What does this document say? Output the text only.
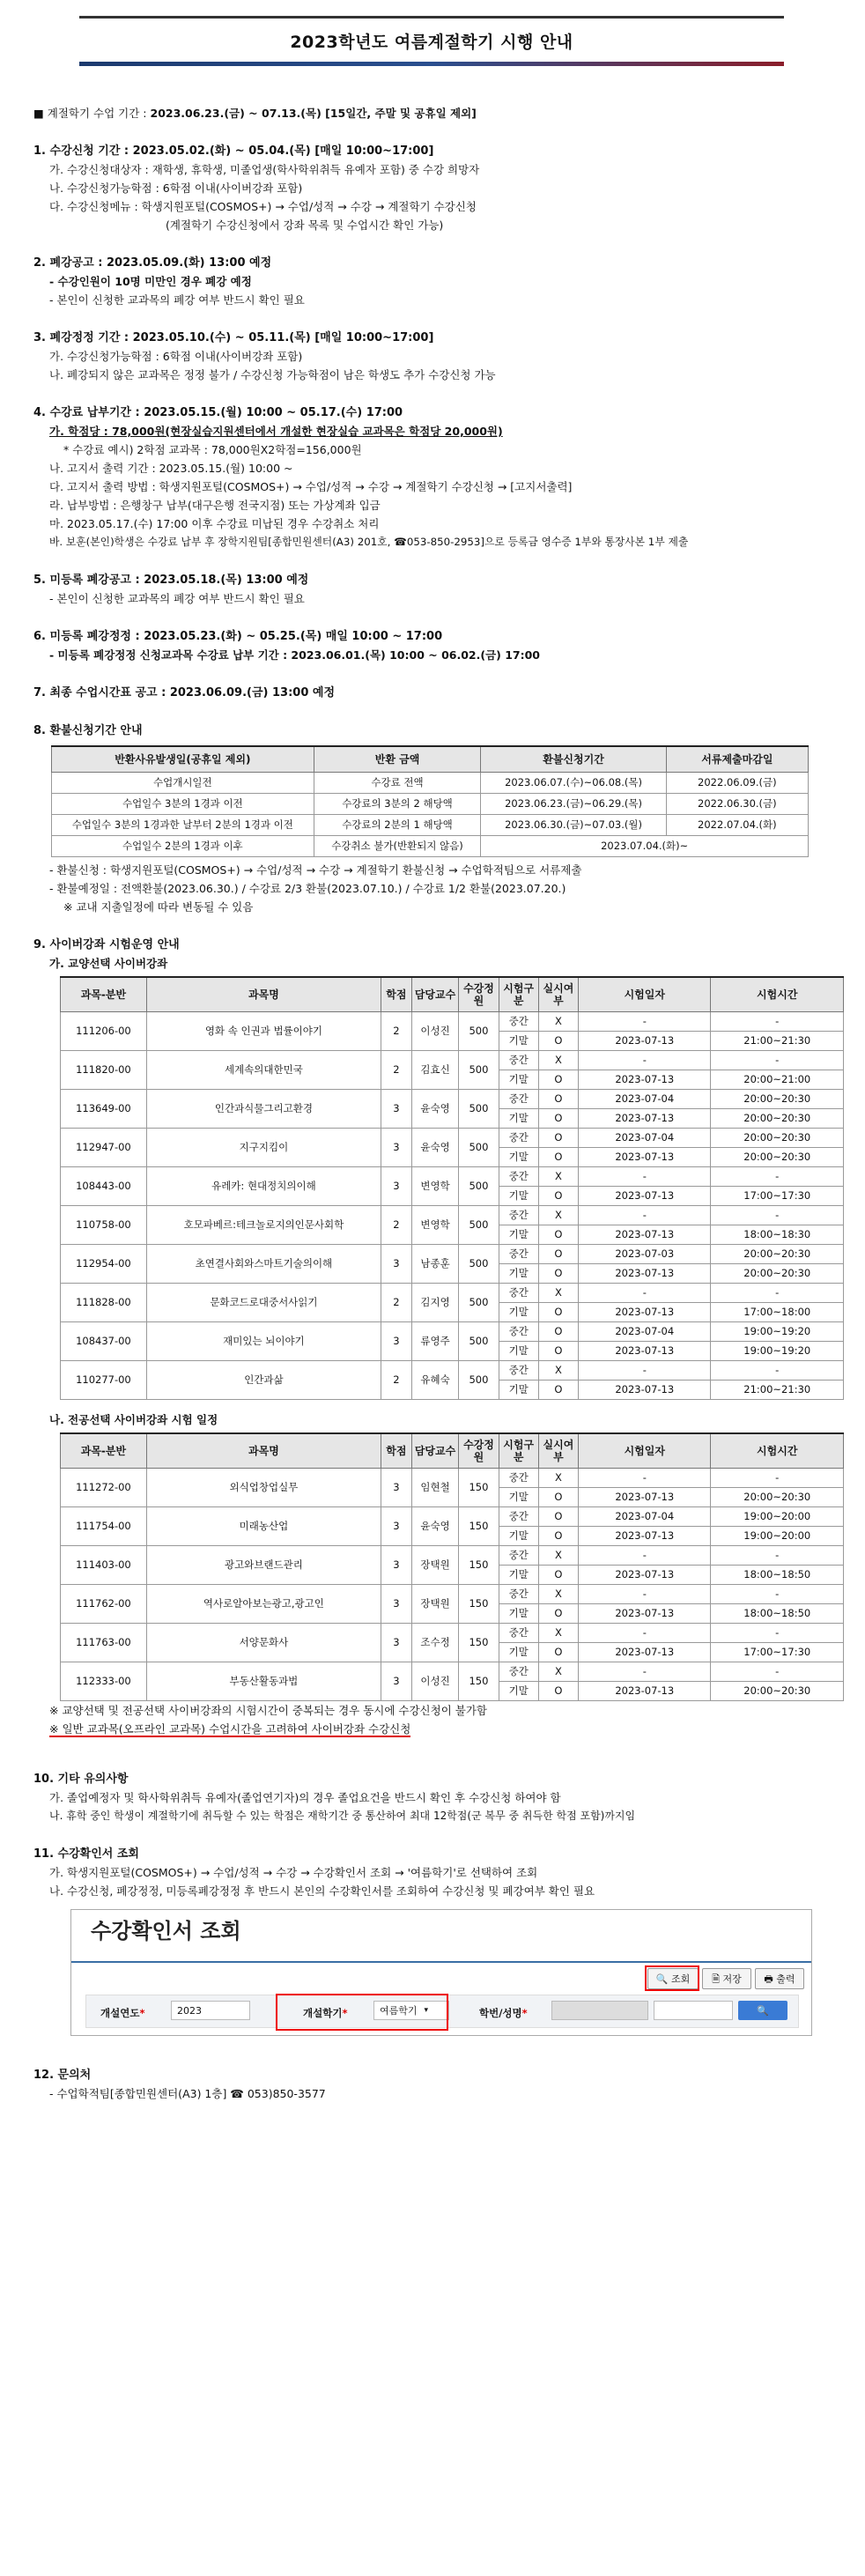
2023학년도 여름계절학기 시행 안내
■ 계절학기 수업 기간 : 2023.06.23.(금) ~ 07.13.(목) [15일간, 주말 및 공휴일 제외]
1. 수강신청 기간 : 2023.05.02.(화) ~ 05.04.(목) [매일 10:00~17:00]
가. 수강신청대상자 : 재학생, 휴학생, 미졸업생(학사학위취득 유예자 포함) 중 수강 희망자
나. 수강신청가능학점 : 6학점 이내(사이버강좌 포함)
다. 수강신청메뉴 : 학생지원포털(COSMOS+) → 수업/성적 → 수강 → 계절학기 수강신청
(계절학기 수강신청에서 강좌 목록 및 수업시간 확인 가능)
2. 폐강공고 : 2023.05.09.(화) 13:00 예정
- 수강인원이 10명 미만인 경우 폐강 예정
- 본인이 신청한 교과목의 폐강 여부 반드시 확인 필요
3. 폐강정정 기간 : 2023.05.10.(수) ~ 05.11.(목) [매일 10:00~17:00]
가. 수강신청가능학점 : 6학점 이내(사이버강좌 포함)
나. 폐강되지 않은 교과목은 정정 불가 / 수강신청 가능학점이 남은 학생도 추가 수강신청 가능
4. 수강료 납부기간 : 2023.05.15.(월) 10:00 ~ 05.17.(수) 17:00
가. 학점당 : 78,000원(현장실습지원센터에서 개설한 현장실습 교과목은 학점당 20,000원)
* 수강료 예시) 2학점 교과목 : 78,000원X2학점=156,000원
나. 고지서 출력 기간 : 2023.05.15.(월) 10:00 ~
다. 고지서 출력 방법 : 학생지원포털(COSMOS+) → 수업/성적 → 수강 → 계절학기 수강신청 → [고지서출력]
라. 납부방법 : 은행창구 납부(대구은행 전국지점) 또는 가상계좌 입금
마. 2023.05.17.(수) 17:00 이후 수강료 미납된 경우 수강취소 처리
바. 보훈(본인)학생은 수강료 납부 후 장학지원팀[종합민원센터(A3) 201호, ☎053-850-2953]으로 등록금 영수증 1부와 통장사본 1부 제출
5. 미등록 폐강공고 : 2023.05.18.(목) 13:00 예정
- 본인이 신청한 교과목의 폐강 여부 반드시 확인 필요
6. 미등록 폐강정정 : 2023.05.23.(화) ~ 05.25.(목) 매일 10:00 ~ 17:00
- 미등록 폐강정정 신청교과목 수강료 납부 기간 : 2023.06.01.(목) 10:00 ~ 06.02.(금) 17:00
7. 최종 수업시간표 공고 : 2023.06.09.(금) 13:00 예정
8. 환불신청기간 안내
반환사유발생일(공휴일 제외)	반환 금액	환불신청기간	서류제출마감일
수업개시일전	수강료 전액	2023.06.07.(수)~06.08.(목)	2022.06.09.(금)
수업일수 3분의 1경과 이전	수강료의 3분의 2 해당액	2023.06.23.(금)~06.29.(목)	2022.06.30.(금)
수업일수 3분의 1경과한 날부터 2분의 1경과 이전	수강료의 2분의 1 해당액	2023.06.30.(금)~07.03.(월)	2022.07.04.(화)
수업일수 2분의 1경과 이후	수강취소 불가(반환되지 않음)	2023.07.04.(화)~	
- 환불신청 : 학생지원포털(COSMOS+) → 수업/성적 → 수강 → 계절학기 환불신청 → 수업학적팀으로 서류제출
- 환불예정일 : 전액환불(2023.06.30.) / 수강료 2/3 환불(2023.07.10.) / 수강료 1/2 환불(2023.07.20.)
※ 교내 지출일정에 따라 변동될 수 있음
9. 사이버강좌 시험운영 안내
가. 교양선택 사이버강좌
과목-분반	과목명	학점	담당교수	수강정원	시험구분	실시여부	시험일자	시험시간
111206-00	영화 속 인권과 법률이야기	2	이성진	500	중간	X	-	-
					기말	O	2023-07-13	21:00~21:30
111820-00	세계속의대한민국	2	김효신	500	중간	X	-	-
					기말	O	2023-07-13	20:00~21:00
113649-00	인간과식물그리고환경	3	윤숙영	500	중간	O	2023-07-04	20:00~20:30
					기말	O	2023-07-13	20:00~20:30
112947-00	지구지킴이	3	윤숙영	500	중간	O	2023-07-04	20:00~20:30
					기말	O	2023-07-13	20:00~20:30
108443-00	유레카: 현대정치의이해	3	변영학	500	중간	X	-	-
					기말	O	2023-07-13	17:00~17:30
110758-00	호모파베르:테크놀로지의인문사회학	2	변영학	500	중간	X	-	-
					기말	O	2023-07-13	18:00~18:30
112954-00	초연결사회와스마트기술의이해	3	남종훈	500	중간	O	2023-07-03	20:00~20:30
					기말	O	2023-07-13	20:00~20:30
111828-00	문화코드로대중서사읽기	2	김지영	500	중간	X	-	-
					기말	O	2023-07-13	17:00~18:00
108437-00	재미있는 뇌이야기	3	류영주	500	중간	O	2023-07-04	19:00~19:20
					기말	O	2023-07-13	19:00~19:20
110277-00	인간과삶	2	유혜숙	500	중간	X	-	-
					기말	O	2023-07-13	21:00~21:30
나. 전공선택 사이버강좌 시험 일정
과목-분반	과목명	학점	담당교수	수강정원	시험구분	실시여부	시험일자	시험시간
111272-00	외식업창업실무	3	임현철	150	중간	X	-	-
					기말	O	2023-07-13	20:00~20:30
111754-00	미래농산업	3	윤숙영	150	중간	O	2023-07-04	19:00~20:00
					기말	O	2023-07-13	19:00~20:00
111403-00	광고와브랜드관리	3	장택원	150	중간	X	-	-
					기말	O	2023-07-13	18:00~18:50
111762-00	역사로알아보는광고,광고인	3	장택원	150	중간	X	-	-
					기말	O	2023-07-13	18:00~18:50
111763-00	서양문화사	3	조수정	150	중간	X	-	-
					기말	O	2023-07-13	17:00~17:30
112333-00	부동산활동과법	3	이성진	150	중간	X	-	-
					기말	O	2023-07-13	20:00~20:30
※ 교양선택 및 전공선택 사이버강좌의 시험시간이 중복되는 경우 동시에 수강신청이 불가함
※ 일반 교과목(오프라인 교과목) 수업시간을 고려하여 사이버강좌 수강신청
10. 기타 유의사항
가. 졸업예정자 및 학사학위취득 유예자(졸업연기자)의 경우 졸업요건을 반드시 확인 후 수강신청 하여야 함
나. 휴학 중인 학생이 계절학기에 취득할 수 있는 학점은 재학기간 중 통산하여 최대 12학점(군 복무 중 취득한 학점 포함)까지임
11. 수강확인서 조회
가. 학생지원포털(COSMOS+) → 수업/성적 → 수강 → 수강확인서 조회 → '여름학기'로 선택하여 조회
나. 수강신청, 폐강정정, 미등록폐강정정 후 반드시 본인의 수강확인서를 조회하여 수강신청 및 폐강여부 확인 필요
수강확인서 조회
🔍 조회	🗎 저장	🖶 출력
개설연도*	2023	개설학기*	여름학기 ▾	학번/성명*	🔍
12. 문의처
- 수업학적팀[종합민원센터(A3) 1층] ☎ 053)850-3577
